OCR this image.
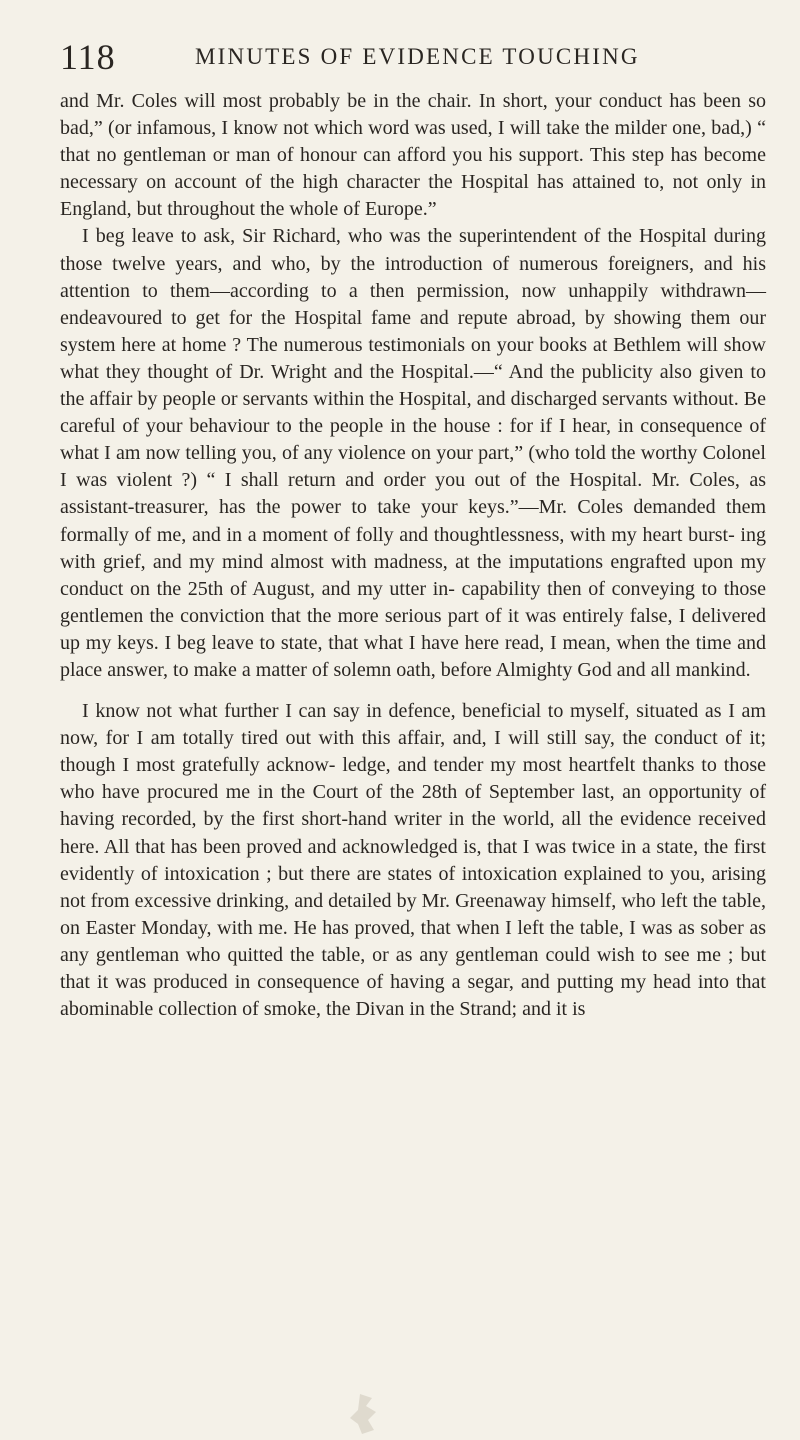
118	MINUTES OF EVIDENCE TOUCHING

and Mr. Coles will most probably be in the chair. In short, your conduct has been so bad,” (or infamous, I know not which word was used, I will take the milder one, bad,) “ that no gentleman or man of honour can afford you his support. This step has become necessary on account of the high character the Hospital has attained to, not only in England, but throughout the whole of Europe.”

I beg leave to ask, Sir Richard, who was the superintendent of the Hospital during those twelve years, and who, by the introduction of numerous foreigners, and his attention to them—according to a then permission, now unhappily withdrawn—endeavoured to get for the Hospital fame and repute abroad, by showing them our system here at home ? The numerous testimonials on your books at Bethlem will show what they thought of Dr. Wright and the Hospital.—“ And the publicity also given to the affair by people or servants within the Hospital, and discharged servants without. Be careful of your behaviour to the people in the house : for if I hear, in consequence of what I am now telling you, of any violence on your part,” (who told the worthy Colonel I was violent ?) “ I shall return and order you out of the Hospital. Mr. Coles, as assistant-treasurer, has the power to take your keys.”—Mr. Coles demanded them formally of me, and in a moment of folly and thoughtlessness, with my heart burst- ing with grief, and my mind almost with madness, at the imputations engrafted upon my conduct on the 25th of August, and my utter in- capability then of conveying to those gentlemen the conviction that the more serious part of it was entirely false, I delivered up my keys. I beg leave to state, that what I have here read, I mean, when the time and place answer, to make a matter of solemn oath, before Almighty God and all mankind.

I know not what further I can say in defence, beneficial to myself, situated as I am now, for I am totally tired out with this affair, and, I will still say, the conduct of it; though I most gratefully acknow- ledge, and tender my most heartfelt thanks to those who have procured me in the Court of the 28th of September last, an opportunity of having recorded, by the first short-hand writer in the world, all the evidence received here. All that has been proved and acknowledged is, that I was twice in a state, the first evidently of intoxication ; but there are states of intoxication explained to you, arising not from excessive drinking, and detailed by Mr. Greenaway himself, who left the table, on Easter Monday, with me. He has proved, that when I left the table, I was as sober as any gentleman who quitted the table, or as any gentleman could wish to see me ; but that it was produced in consequence of having a segar, and putting my head into that abominable collection of smoke, the Divan in the Strand; and it is
